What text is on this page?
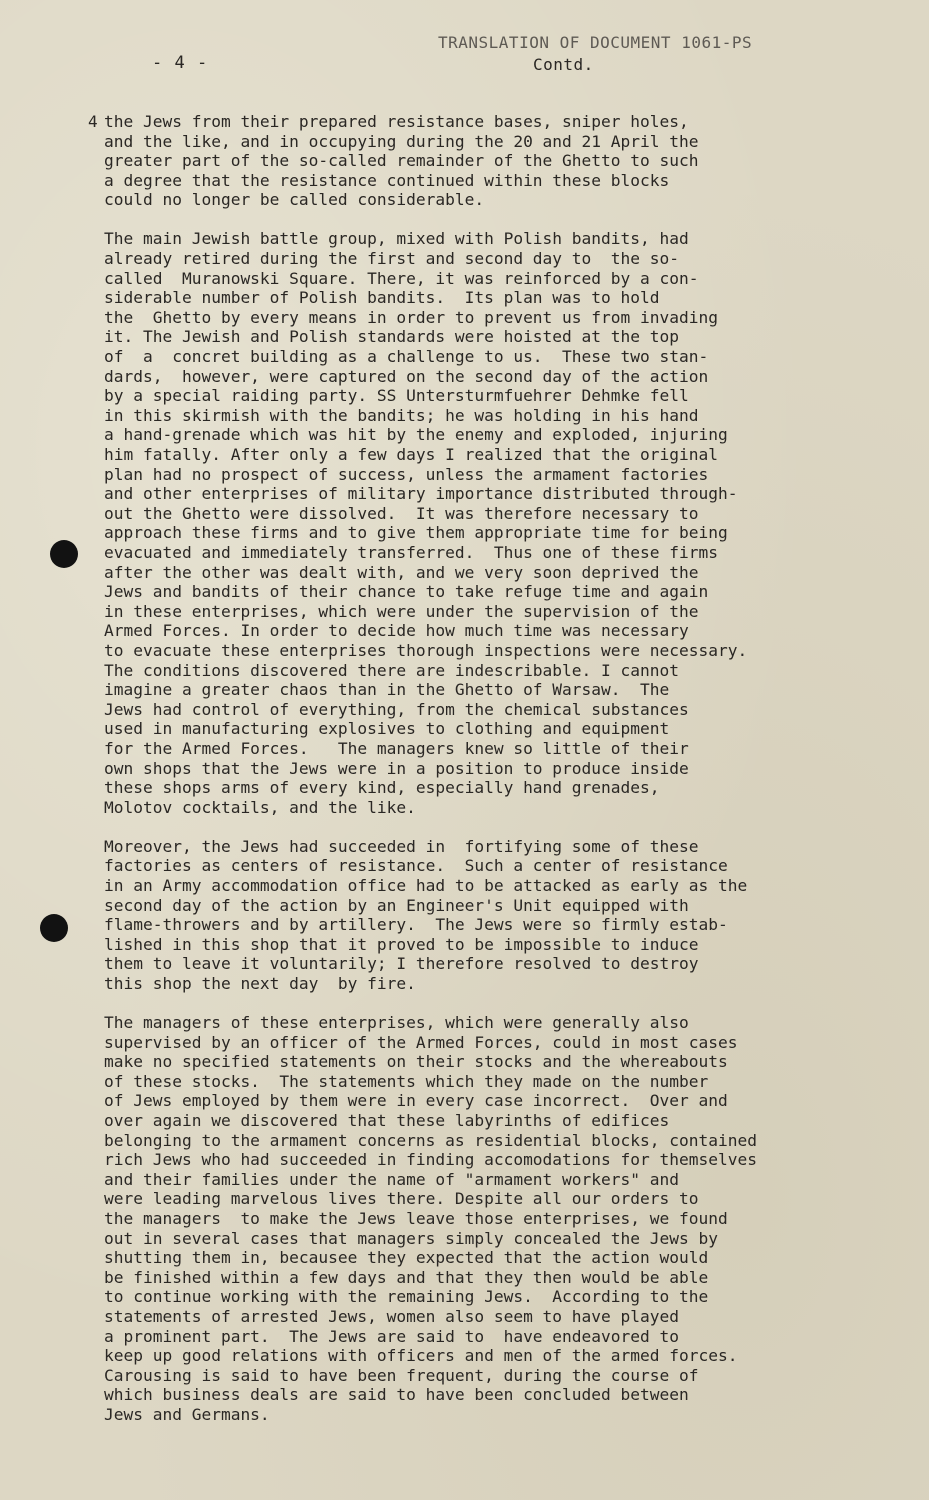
TRANSLATION OF DOCUMENT 1061-PS
- 4 -	Contd.
4 the Jews from their prepared resistance bases, sniper holes,
and the like, and in occupying during the 20 and 21 April the
greater part of the so-called remainder of the Ghetto to such
a degree that the resistance continued within these blocks
could no longer be called considerable.

The main Jewish battle group, mixed with Polish bandits, had
already retired during the first and second day to  the so-
called  Muranowski Square. There, it was reinforced by a con-
siderable number of Polish bandits.  Its plan was to hold
the  Ghetto by every means in order to prevent us from invading
it. The Jewish and Polish standards were hoisted at the top
of  a  concret building as a challenge to us.  These two stan-
dards,  however, were captured on the second day of the action
by a special raiding party. SS Untersturmfuehrer Dehmke fell
in this skirmish with the bandits; he was holding in his hand
a hand-grenade which was hit by the enemy and exploded, injuring
him fatally. After only a few days I realized that the original
plan had no prospect of success, unless the armament factories
and other enterprises of military importance distributed through-
out the Ghetto were dissolved.  It was therefore necessary to
approach these firms and to give them appropriate time for being
evacuated and immediately transferred.  Thus one of these firms
after the other was dealt with, and we very soon deprived the
Jews and bandits of their chance to take refuge time and again
in these enterprises, which were under the supervision of the
Armed Forces. In order to decide how much time was necessary
to evacuate these enterprises thorough inspections were necessary.
The conditions discovered there are indescribable. I cannot
imagine a greater chaos than in the Ghetto of Warsaw.  The
Jews had control of everything, from the chemical substances
used in manufacturing explosives to clothing and equipment
for the Armed Forces.   The managers knew so little of their
own shops that the Jews were in a position to produce inside
these shops arms of every kind, especially hand grenades,
Molotov cocktails, and the like.

Moreover, the Jews had succeeded in  fortifying some of these
factories as centers of resistance.  Such a center of resistance
in an Army accommodation office had to be attacked as early as the
second day of the action by an Engineer's Unit equipped with
flame-throwers and by artillery.  The Jews were so firmly estab-
lished in this shop that it proved to be impossible to induce
them to leave it voluntarily; I therefore resolved to destroy
this shop the next day  by fire.

The managers of these enterprises, which were generally also
supervised by an officer of the Armed Forces, could in most cases
make no specified statements on their stocks and the whereabouts
of these stocks.  The statements which they made on the number
of Jews employed by them were in every case incorrect.  Over and
over again we discovered that these labyrinths of edifices
belonging to the armament concerns as residential blocks, contained
rich Jews who had succeeded in finding accomodations for themselves
and their families under the name of "armament workers" and
were leading marvelous lives there. Despite all our orders to
the managers  to make the Jews leave those enterprises, we found
out in several cases that managers simply concealed the Jews by
shutting them in, becausee they expected that the action would
be finished within a few days and that they then would be able
to continue working with the remaining Jews.  According to the
statements of arrested Jews, women also seem to have played
a prominent part.  The Jews are said to  have endeavored to
keep up good relations with officers and men of the armed forces.
Carousing is said to have been frequent, during the course of
which business deals are said to have been concluded between
Jews and Germans.
